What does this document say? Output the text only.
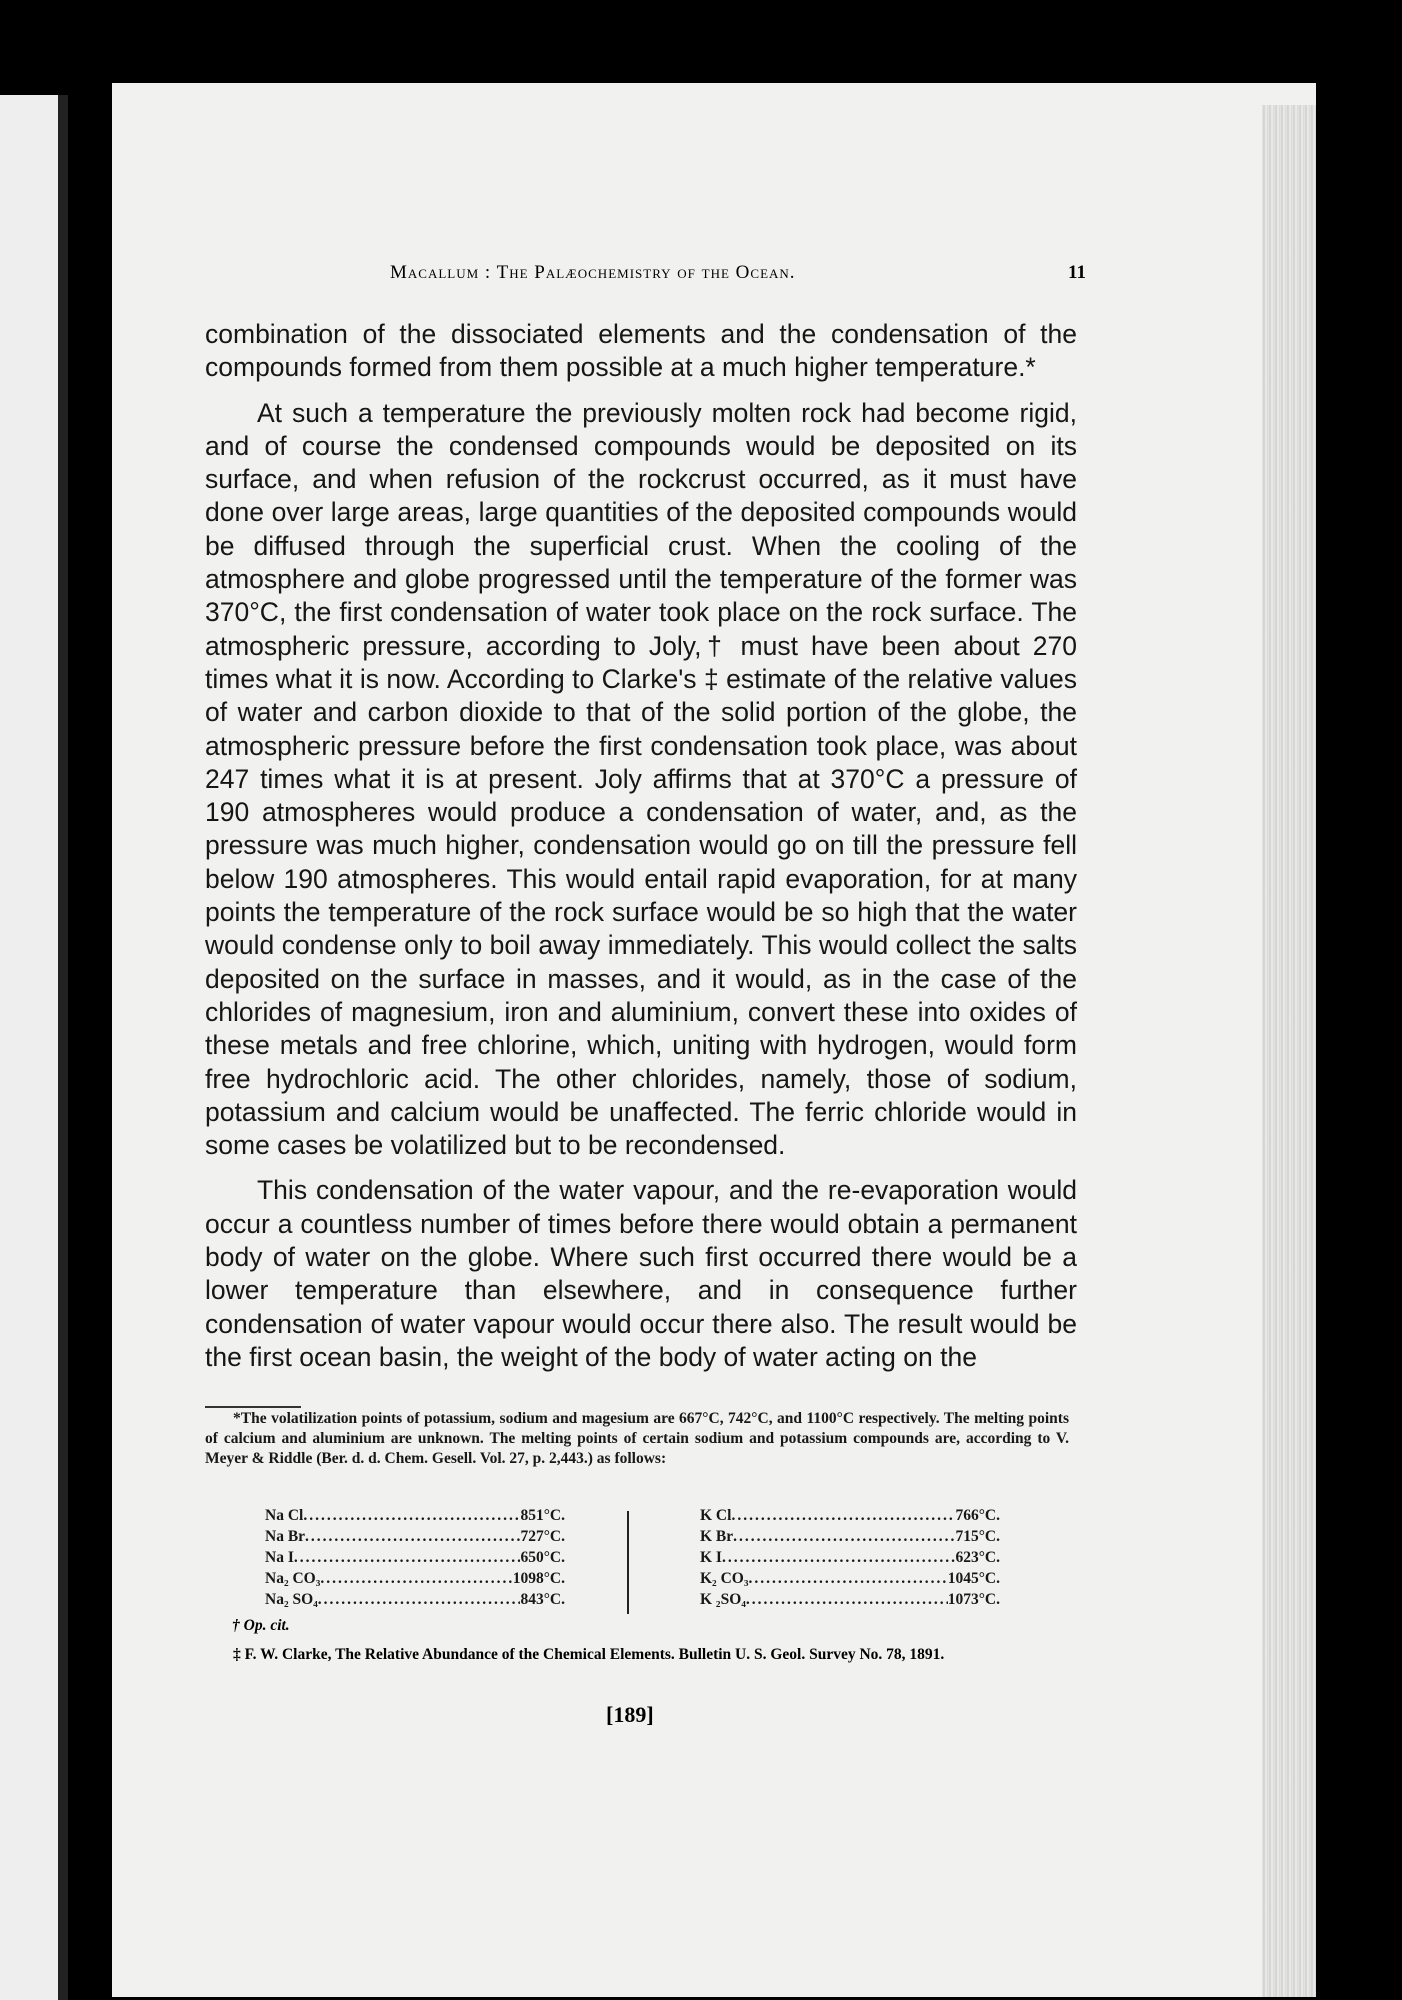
Macallum : The Palæochemistry of the Ocean.	11

combination of the dissociated elements and the condensation of the compounds formed from them possible at a much higher temperature.*

At such a temperature the previously molten rock had become rigid, and of course the condensed compounds would be deposited on its surface, and when refusion of the rockcrust occurred, as it must have done over large areas, large quantities of the deposited compounds would be diffused through the superficial crust. When the cooling of the atmosphere and globe progressed until the temperature of the former was 370°C, the first condensation of water took place on the rock surface. The atmospheric pressure, according to Joly,† must have been about 270 times what it is now. According to Clarke's ‡ estimate of the relative values of water and carbon dioxide to that of the solid portion of the globe, the atmospheric pressure before the first condensation took place, was about 247 times what it is at present. Joly affirms that at 370°C a pressure of 190 atmospheres would produce a condensation of water, and, as the pressure was much higher, condensation would go on till the pressure fell below 190 atmospheres. This would entail rapid evaporation, for at many points the temperature of the rock surface would be so high that the water would condense only to boil away immediately. This would collect the salts deposited on the surface in masses, and it would, as in the case of the chlorides of magnesium, iron and aluminium, convert these into oxides of these metals and free chlorine, which, uniting with hydrogen, would form free hydrochloric acid. The other chlorides, namely, those of sodium, potassium and calcium would be unaffected. The ferric chloride would in some cases be volatilized but to be recondensed.

This condensation of the water vapour, and the re-evaporation would occur a countless number of times before there would obtain a permanent body of water on the globe. Where such first occurred there would be a lower temperature than elsewhere, and in consequence further condensation of water vapour would occur there also. The result would be the first ocean basin, the weight of the body of water acting on the

*The volatilization points of potassium, sodium and magesium are 667°C, 742°C, and 1100°C respectively. The melting points of calcium and aluminium are unknown. The melting points of certain sodium and potassium compounds are, according to V. Meyer & Riddle (Ber. d. d. Chem. Gesell. Vol. 27, p. 2,443.) as follows:

Na Cl .....	851°C.
Na Br .....	727°C.
Na I .....	650°C.
Na₂ CO₃ .....	1098°C.
Na₂ SO₄ .....	843°C.
K Cl .....	766°C.
K Br .....	715°C.
K I .....	623°C.
K₂ CO₃ .....	1045°C.
K ₂SO₄ .....	1073°C.
† Op. cit.
‡ F. W. Clarke, The Relative Abundance of the Chemical Elements. Bulletin U. S. Geol. Survey No. 78, 1891.
[189]
